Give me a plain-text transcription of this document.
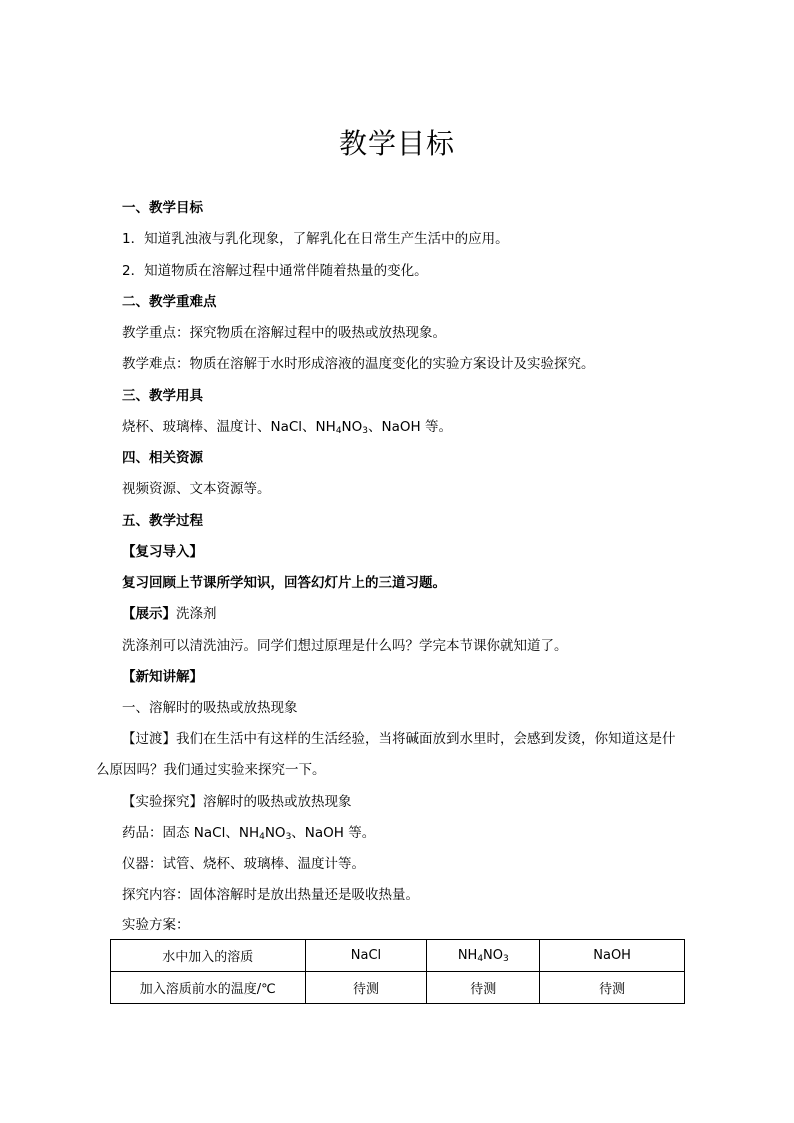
教学目标
一、教学目标
1．知道乳浊液与乳化现象，了解乳化在日常生产生活中的应用。
2．知道物质在溶解过程中通常伴随着热量的变化。
二、教学重难点
教学重点：探究物质在溶解过程中的吸热或放热现象。
教学难点：物质在溶解于水时形成溶液的温度变化的实验方案设计及实验探究。
三、教学用具
烧杯、玻璃棒、温度计、NaCl、$NH_4NO_3$、NaOH 等。
四、相关资源
视频资源、文本资源等。
五、教学过程
【复习导入】
复习回顾上节课所学知识，回答幻灯片上的三道习题。
【展示】洗涤剂
洗涤剂可以清洗油污。同学们想过原理是什么吗？学完本节课你就知道了。
【新知讲解】
一、溶解时的吸热或放热现象
【过渡】我们在生活中有这样的生活经验，当将碱面放到水里时，会感到发烫，你知道这是什
么原因吗？我们通过实验来探究一下。
【实验探究】溶解时的吸热或放热现象
药品：固态 NaCl、$NH_4NO_3$、NaOH 等。
仪器：试管、烧杯、玻璃棒、温度计等。
探究内容：固体溶解时是放出热量还是吸收热量。
实验方案：
水中加入的溶质	NaCl	$NH_4NO_3$	NaOH
加入溶质前水的温度/℃	待测	待测	待测
